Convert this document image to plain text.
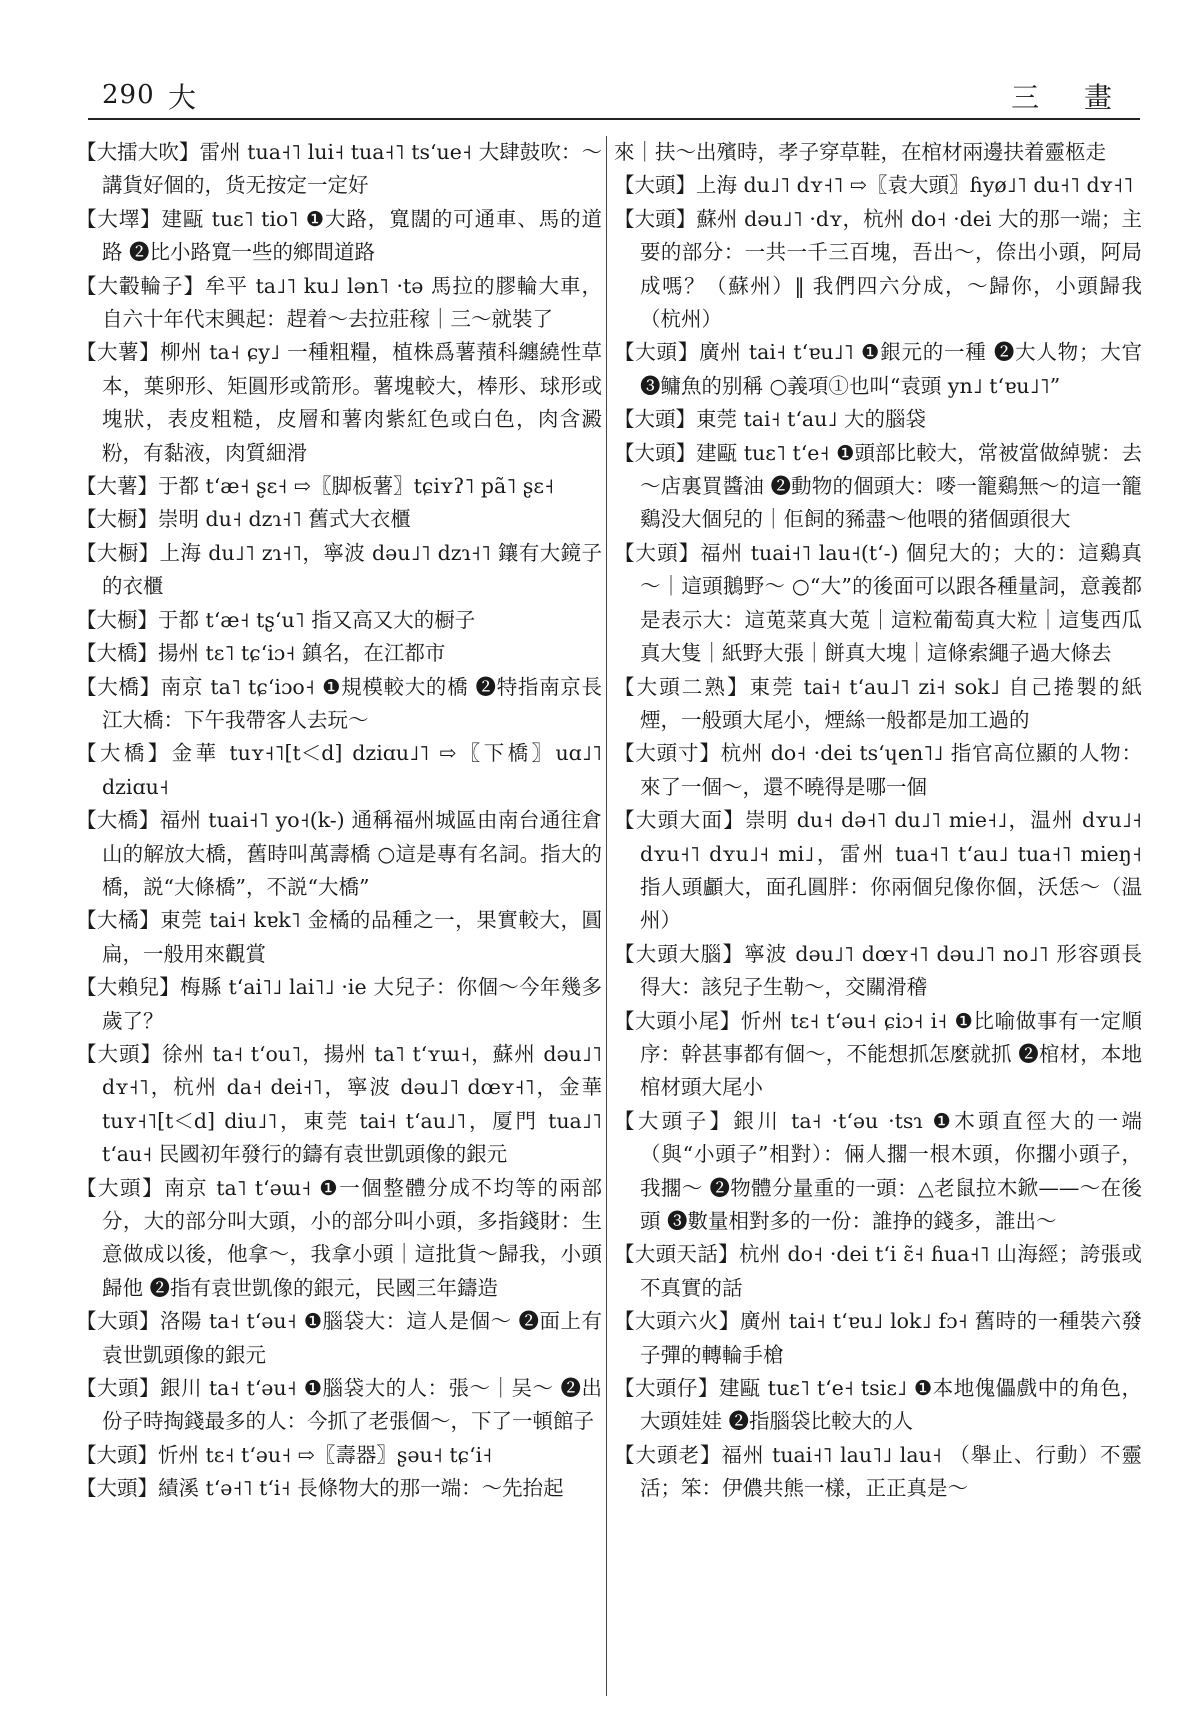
290 大	三 畫
【大擂大吹】雷州 tua˧˥ lui˧ tua˧˥ tsʻue˧ 大肆鼓吹：～講貨好個的，货无按定一定好
【大墿】建甌 tuɛ˥ tio˥ ❶大路，寬闊的可通車、馬的道路 ❷比小路寬一些的鄉間道路
【大轂輪子】牟平 ta˩˥ ku˩ lən˥ ·tə 馬拉的膠輪大車，自六十年代末興起：趕着～去拉莊稼｜三～就裝了
【大薯】柳州 ta˧ ɕy˩ 一種粗糧，植株爲薯蕷科纏繞性草本，葉卵形、矩圓形或箭形。薯塊較大，棒形、球形或塊狀，表皮粗糙，皮層和薯肉紫紅色或白色，肉含澱粉，有黏液，肉質細滑
【大薯】于都 tʻæ˧ ʂɛ˧ ⇨〖脚板薯〗tɕiʏʔ˥ pã˥ ʂɛ˧
【大橱】崇明 du˧ dzɿ˧˥ 舊式大衣櫃
【大橱】上海 du˩˥ zɿ˧˥，寧波 dəu˩˥ dzɿ˧˥ 鑲有大鏡子的衣櫃
【大橱】于都 tʻæ˧ tʂʻu˥ 指又高又大的橱子
【大橋】揚州 tɛ˥ tɕʻiɔ˧ 鎮名，在江都市
【大橋】南京 ta˥ tɕʻiɔo˧ ❶規模較大的橋 ❷特指南京長江大橋：下午我帶客人去玩～
【大橋】金華 tuʏ˧˥[t＜d] dziɑu˩˥ ⇨〖下橋〗uɑ˩˥ dziɑu˧
【大橋】福州 tuai˧˥ yo˧(k-) 通稱福州城區由南台通往倉山的解放大橋，舊時叫萬壽橋 ○這是專有名詞。指大的橋，説“大條橋”，不説“大橋”
【大橘】東莞 tai˧ kɐk˥ 金橘的品種之一，果實較大，圓扁，一般用來觀賞
【大賴兒】梅縣 tʻai˥˩ lai˥˩ ·ie 大兒子：你個～今年幾多歲了？
【大頭】徐州 ta˧ tʻou˥，揚州 ta˥ tʻʏɯ˧，蘇州 dəu˩˥ dʏ˧˥，杭州 da˧ dei˧˥，寧波 dəu˩˥ dœʏ˧˥，金華 tuʏ˧˥[t＜d] diu˩˥，東莞 tai˧ tʻau˩˥，厦門 tua˩˥ tʻau˧ 民國初年發行的鑄有袁世凱頭像的銀元
【大頭】南京 ta˥ tʻəɯ˧ ❶一個整體分成不均等的兩部分，大的部分叫大頭，小的部分叫小頭，多指錢財：生意做成以後，他拿～，我拿小頭｜這批貨～歸我，小頭歸他 ❷指有袁世凱像的銀元，民國三年鑄造
【大頭】洛陽 ta˧ tʻəu˧ ❶腦袋大：這人是個～ ❷面上有袁世凱頭像的銀元
【大頭】銀川 ta˧ tʻəu˧ ❶腦袋大的人：張～｜吴～ ❷出份子時掏錢最多的人：今抓了老張個～，下了一頓館子
【大頭】忻州 tɛ˧ tʻəu˧ ⇨〖壽器〗ʂəu˧ tɕʻi˧
【大頭】績溪 tʻə˧˥ tʻi˧ 長條物大的那一端：～先抬起
來｜扶～出殯時，孝子穿草鞋，在棺材兩邊扶着靈柩走
【大頭】上海 du˩˥ dʏ˧˥ ⇨〖袁大頭〗ɦyø˩˥ du˧˥ dʏ˧˥
【大頭】蘇州 dəu˩˥ ·dʏ，杭州 do˧ ·dei 大的那一端；主要的部分：一共一千三百塊，吾出～，倷出小頭，阿局成嗎？（蘇州）‖ 我們四六分成，～歸你，小頭歸我（杭州）
【大頭】廣州 tai˧ tʻɐu˩˥ ❶銀元的一種 ❷大人物；大官 ❸鳙魚的别稱 ○義項①也叫“袁頭 yn˩ tʻɐu˩˥”
【大頭】東莞 tai˧ tʻau˩ 大的腦袋
【大頭】建甌 tuɛ˥ tʻe˧ ❶頭部比較大，常被當做綽號：去～店裏買醬油 ❷動物的個頭大：嘜一籠鷄無～的這一籠鷄没大個兒的｜佢飼的豨盡～他喂的猪個頭很大
【大頭】福州 tuai˧˥ lau˧(tʻ-) 個兒大的；大的：這鷄真～｜這頭鵝野～ ○“大”的後面可以跟各種量詞，意義都是表示大：這莵菜真大莵｜這粒葡萄真大粒｜這隻西瓜真大隻｜紙野大張｜餅真大塊｜這條索繩子過大條去
【大頭二熟】東莞 tai˧ tʻau˩˥ zi˧ sok˩ 自己捲製的紙煙，一般頭大尾小，煙絲一般都是加工過的
【大頭寸】杭州 do˧ ·dei tsʻɥen˥˩ 指官高位顯的人物：來了一個～，還不曉得是哪一個
【大頭大面】崇明 du˧ də˧˥ du˩˥ mie˧˩，温州 dʏu˩˧ dʏu˧˥ dʏu˩˧ mi˩，雷州 tua˧˥ tʻau˩ tua˧˥ mieŋ˧ 指人頭顱大，面孔圓胖：你兩個兒像你個，沃恁～（温州）
【大頭大腦】寧波 dəu˩˥ dœʏ˧˥ dəu˩˥ no˩˥ 形容頭長得大：該兒子生勒～，交關滑稽
【大頭小尾】忻州 tɛ˧ tʻəu˧ ɕiɔ˧ i˧ ❶比喻做事有一定順序：幹甚事都有個～，不能想抓怎麼就抓 ❷棺材，本地棺材頭大尾小
【大頭子】銀川 ta˧ ·tʻəu ·tsɿ ❶木頭直徑大的一端（與“小頭子”相對）：倆人擱一根木頭，你擱小頭子，我擱～ ❷物體分量重的一頭：△老鼠拉木鍁——～在後頭 ❸數量相對多的一份：誰挣的錢多，誰出～
【大頭天話】杭州 do˧ ·dei tʻi ɛ̃˧ ɦua˧˥ 山海經；誇張或不真實的話
【大頭六火】廣州 tai˧ tʻɐu˩ lok˩ fɔ˧ 舊時的一種裝六發子彈的轉輪手槍
【大頭仔】建甌 tuɛ˥ tʻe˧ tsiɛ˩ ❶本地傀儡戲中的角色，大頭娃娃 ❷指腦袋比較大的人
【大頭老】福州 tuai˧˥ lau˥˩ lau˧ （舉止、行動）不靈活；笨：伊儂共熊一樣，正正真是～
